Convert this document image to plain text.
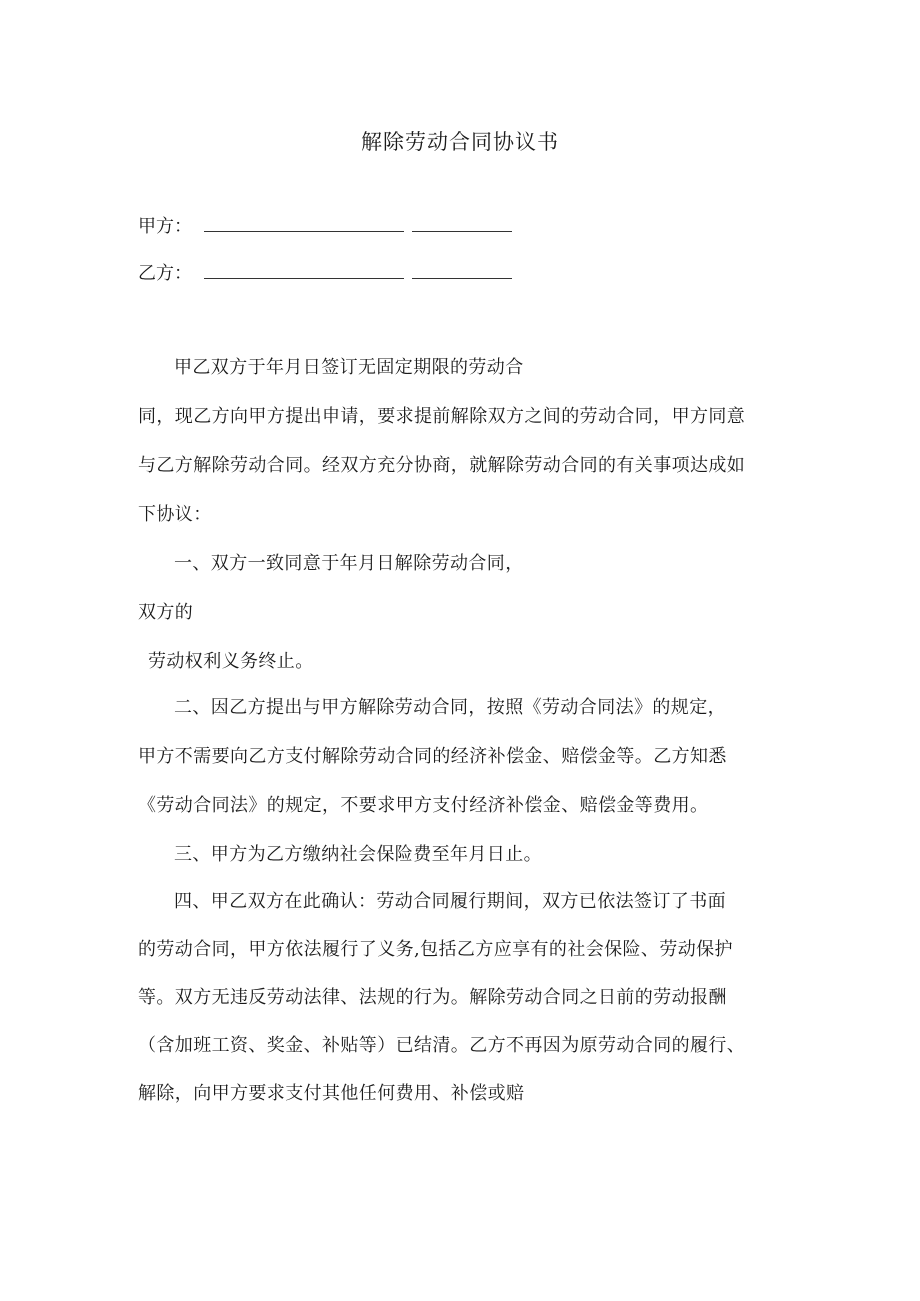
解除劳动合同协议书
甲方：
乙方：
甲乙双方于年月日签订无固定期限的劳动合
同，现乙方向甲方提出申请，要求提前解除双方之间的劳动合同，甲方同意
与乙方解除劳动合同。经双方充分协商，就解除劳动合同的有关事项达成如
下协议：
一、双方一致同意于年月日解除劳动合同，
双方的
劳动权利义务终止。
二、因乙方提出与甲方解除劳动合同，按照《劳动合同法》的规定，
甲方不需要向乙方支付解除劳动合同的经济补偿金、赔偿金等。乙方知悉
《劳动合同法》的规定，不要求甲方支付经济补偿金、赔偿金等费用。
三、甲方为乙方缴纳社会保险费至年月日止。
四、甲乙双方在此确认：劳动合同履行期间，双方已依法签订了书面
的劳动合同，甲方依法履行了义务,包括乙方应享有的社会保险、劳动保护
等。双方无违反劳动法律、法规的行为。解除劳动合同之日前的劳动报酬
（含加班工资、奖金、补贴等）已结清。乙方不再因为原劳动合同的履行、
解除，向甲方要求支付其他任何费用、补偿或赔
